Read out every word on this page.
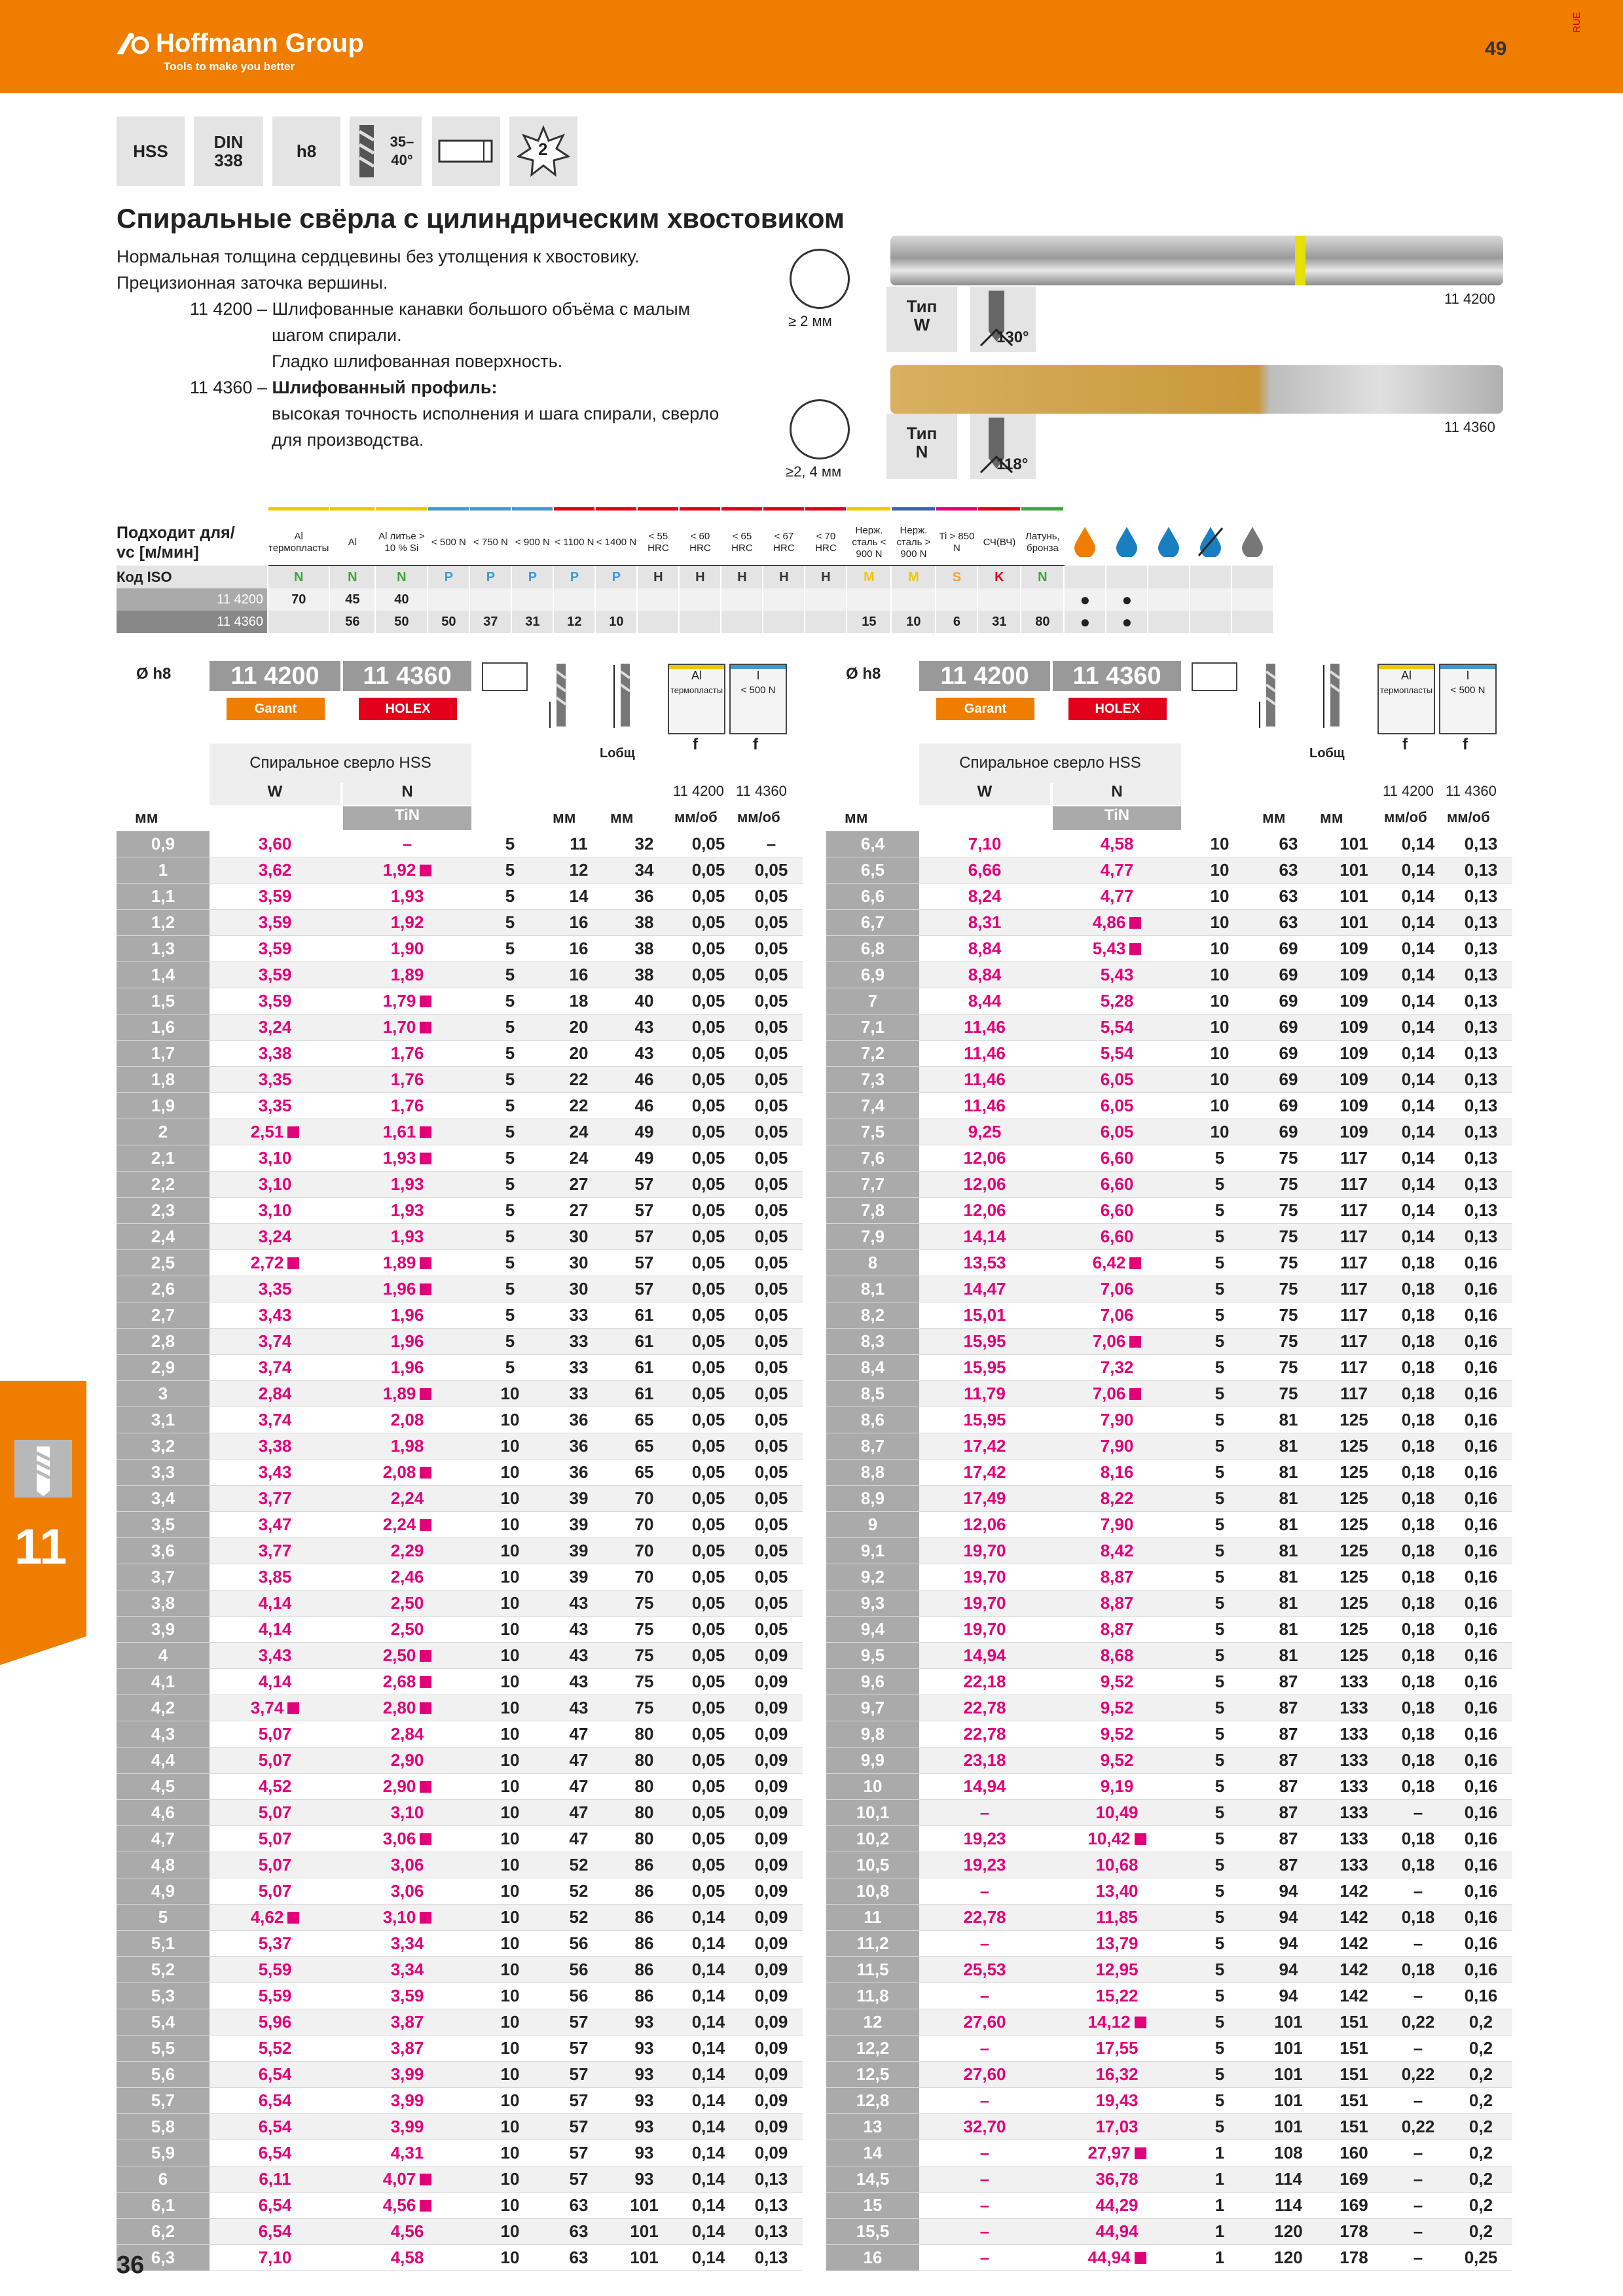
Hoffmann Group
Tools to make you better
49
RUE
11
HSS	DIN 338	h8	35–40°
2
Спиральные свёрла с цилиндрическим хвостовиком
Нормальная толщина сердцевины без утолщения к хвостовику.
Прецизионная заточка вершины.
11 4200 – Шлифованные канавки большого объёма с малым
шагом спирали.
Гладко шлифованная поверхность.
11 4360 – Шлифованный профиль:
высокая точность исполнения и шага спирали, сверло
для производства.
≥ 2 мм
Тип W
130°
11 4200
≥2, 4 мм
Тип N
118°
11 4360

Подходит для/
vc [м/мин]	Al термопласты	Al	Al литье > 10 % Si	< 500 N	< 750 N	< 900 N	< 1100 N	< 1400 N	< 55 HRC	< 60 HRC	< 65 HRC	< 67 HRC	< 70 HRC	Нерж. сталь < 900 N	Нерж. сталь > 900 N	Ti > 850 N	СЧ(ВЧ)	Латунь, бронза					
Код ISO	N	N	N	P	P	P	P	P	H	H	H	H	H	M	M	S	K	N					
11 4200	70	45	40																●	●			
11 4360		56	50	50	37	31	12	10						15	10	6	31	80	●	●			
Ø h8	11 4200	11 4360
Garant	HOLEX
Спиральное сверло HSS
W	N
TiN
мм
Lобщ
Al
термопласты
I
< 500 N
f	f
11 4200 11 4360
мм мм	мм/об мм/об
Ø h8	11 4200	11 4360
Garant	HOLEX
Спиральное сверло HSS
W	N
TiN
мм
Lобщ
Al
термопласты
I
< 500 N
f	f
11 4200 11 4360
мм мм	мм/об мм/об
0,9	3,60	–	5	11	32	0,05	–
1	3,62	1,92	5	12	34	0,05	0,05
1,1	3,59	1,93	5	14	36	0,05	0,05
1,2	3,59	1,92	5	16	38	0,05	0,05
1,3	3,59	1,90	5	16	38	0,05	0,05
1,4	3,59	1,89	5	16	38	0,05	0,05
1,5	3,59	1,79	5	18	40	0,05	0,05
1,6	3,24	1,70	5	20	43	0,05	0,05
1,7	3,38	1,76	5	20	43	0,05	0,05
1,8	3,35	1,76	5	22	46	0,05	0,05
1,9	3,35	1,76	5	22	46	0,05	0,05
2	2,51	1,61	5	24	49	0,05	0,05
2,1	3,10	1,93	5	24	49	0,05	0,05
2,2	3,10	1,93	5	27	57	0,05	0,05
2,3	3,10	1,93	5	27	57	0,05	0,05
2,4	3,24	1,93	5	30	57	0,05	0,05
2,5	2,72	1,89	5	30	57	0,05	0,05
2,6	3,35	1,96	5	30	57	0,05	0,05
2,7	3,43	1,96	5	33	61	0,05	0,05
2,8	3,74	1,96	5	33	61	0,05	0,05
2,9	3,74	1,96	5	33	61	0,05	0,05
3	2,84	1,89	10	33	61	0,05	0,05
3,1	3,74	2,08	10	36	65	0,05	0,05
3,2	3,38	1,98	10	36	65	0,05	0,05
3,3	3,43	2,08	10	36	65	0,05	0,05
3,4	3,77	2,24	10	39	70	0,05	0,05
3,5	3,47	2,24	10	39	70	0,05	0,05
3,6	3,77	2,29	10	39	70	0,05	0,05
3,7	3,85	2,46	10	39	70	0,05	0,05
3,8	4,14	2,50	10	43	75	0,05	0,05
3,9	4,14	2,50	10	43	75	0,05	0,05
4	3,43	2,50	10	43	75	0,05	0,09
4,1	4,14	2,68	10	43	75	0,05	0,09
4,2	3,74	2,80	10	43	75	0,05	0,09
4,3	5,07	2,84	10	47	80	0,05	0,09
4,4	5,07	2,90	10	47	80	0,05	0,09
4,5	4,52	2,90	10	47	80	0,05	0,09
4,6	5,07	3,10	10	47	80	0,05	0,09
4,7	5,07	3,06	10	47	80	0,05	0,09
4,8	5,07	3,06	10	52	86	0,05	0,09
4,9	5,07	3,06	10	52	86	0,05	0,09
5	4,62	3,10	10	52	86	0,14	0,09
5,1	5,37	3,34	10	56	86	0,14	0,09
5,2	5,59	3,34	10	56	86	0,14	0,09
5,3	5,59	3,59	10	56	86	0,14	0,09
5,4	5,96	3,87	10	57	93	0,14	0,09
5,5	5,52	3,87	10	57	93	0,14	0,09
5,6	6,54	3,99	10	57	93	0,14	0,09
5,7	6,54	3,99	10	57	93	0,14	0,09
5,8	6,54	3,99	10	57	93	0,14	0,09
5,9	6,54	4,31	10	57	93	0,14	0,09
6	6,11	4,07	10	57	93	0,14	0,13
6,1	6,54	4,56	10	63	101	0,14	0,13
6,2	6,54	4,56	10	63	101	0,14	0,13
6,3	7,10	4,58	10	63	101	0,14	0,13
6,4	7,10	4,58	10	63	101	0,14	0,13
6,5	6,66	4,77	10	63	101	0,14	0,13
6,6	8,24	4,77	10	63	101	0,14	0,13
6,7	8,31	4,86	10	63	101	0,14	0,13
6,8	8,84	5,43	10	69	109	0,14	0,13
6,9	8,84	5,43	10	69	109	0,14	0,13
7	8,44	5,28	10	69	109	0,14	0,13
7,1	11,46	5,54	10	69	109	0,14	0,13
7,2	11,46	5,54	10	69	109	0,14	0,13
7,3	11,46	6,05	10	69	109	0,14	0,13
7,4	11,46	6,05	10	69	109	0,14	0,13
7,5	9,25	6,05	10	69	109	0,14	0,13
7,6	12,06	6,60	5	75	117	0,14	0,13
7,7	12,06	6,60	5	75	117	0,14	0,13
7,8	12,06	6,60	5	75	117	0,14	0,13
7,9	14,14	6,60	5	75	117	0,14	0,13
8	13,53	6,42	5	75	117	0,18	0,16
8,1	14,47	7,06	5	75	117	0,18	0,16
8,2	15,01	7,06	5	75	117	0,18	0,16
8,3	15,95	7,06	5	75	117	0,18	0,16
8,4	15,95	7,32	5	75	117	0,18	0,16
8,5	11,79	7,06	5	75	117	0,18	0,16
8,6	15,95	7,90	5	81	125	0,18	0,16
8,7	17,42	7,90	5	81	125	0,18	0,16
8,8	17,42	8,16	5	81	125	0,18	0,16
8,9	17,49	8,22	5	81	125	0,18	0,16
9	12,06	7,90	5	81	125	0,18	0,16
9,1	19,70	8,42	5	81	125	0,18	0,16
9,2	19,70	8,87	5	81	125	0,18	0,16
9,3	19,70	8,87	5	81	125	0,18	0,16
9,4	19,70	8,87	5	81	125	0,18	0,16
9,5	14,94	8,68	5	81	125	0,18	0,16
9,6	22,18	9,52	5	87	133	0,18	0,16
9,7	22,78	9,52	5	87	133	0,18	0,16
9,8	22,78	9,52	5	87	133	0,18	0,16
9,9	23,18	9,52	5	87	133	0,18	0,16
10	14,94	9,19	5	87	133	0,18	0,16
10,1	–	10,49	5	87	133	–	0,16
10,2	19,23	10,42	5	87	133	0,18	0,16
10,5	19,23	10,68	5	87	133	0,18	0,16
10,8	–	13,40	5	94	142	–	0,16
11	22,78	11,85	5	94	142	0,18	0,16
11,2	–	13,79	5	94	142	–	0,16
11,5	25,53	12,95	5	94	142	0,18	0,16
11,8	–	15,22	5	94	142	–	0,16
12	27,60	14,12	5	101	151	0,22	0,2
12,2	–	17,55	5	101	151	–	0,2
12,5	27,60	16,32	5	101	151	0,22	0,2
12,8	–	19,43	5	101	151	–	0,2
13	32,70	17,03	5	101	151	0,22	0,2
14	–	27,97	1	108	160	–	0,2
14,5	–	36,78	1	114	169	–	0,2
15	–	44,29	1	114	169	–	0,2
15,5	–	44,94	1	120	178	–	0,2
16	–	44,94	1	120	178	–	0,25
36
